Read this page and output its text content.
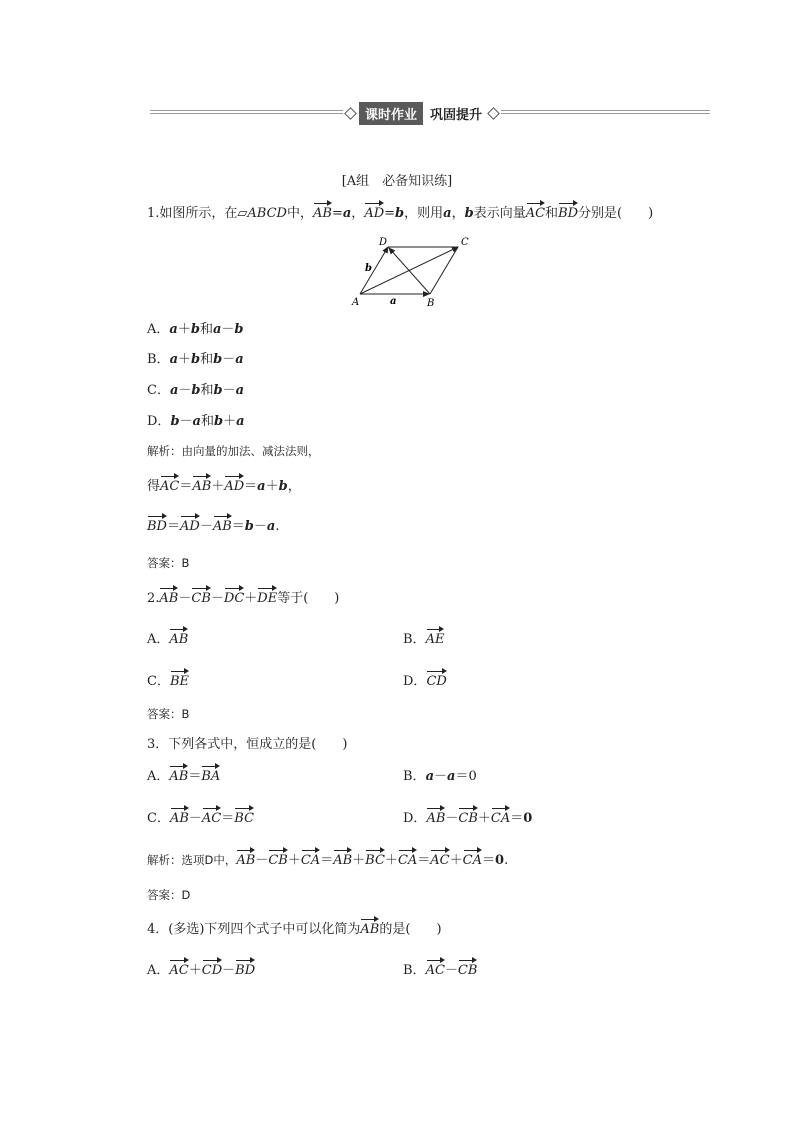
课时作业	巩固提升
[A组　必备知识练]
1.如图所示，在▱ABCD中，AB=a，AD=b，则用a，b表示向量AC和BD分别是(　　)
D	C
A	B
b
a
A．a＋b和a－b
B．a＋b和b－a
C．a－b和b－a
D．b－a和b＋a
解析：由向量的加法、减法法则，
得AC＝AB＋AD＝a＋b，
BD＝AD－AB＝b－a.
答案：B
2.AB－CB－DC＋DE等于(　　)
A．AB	B．AE
C．BE	D．CD
答案：B
3．下列各式中，恒成立的是(　　)
A．AB＝BA	B．a－a＝0
C．AB－AC＝BC	D．AB－CB＋CA＝0
解析：选项D中，AB－CB＋CA＝AB＋BC＋CA＝AC＋CA＝0.
答案：D
4．(多选)下列四个式子中可以化简为AB的是(　　)
A．AC＋CD－BD	B．AC－CB
